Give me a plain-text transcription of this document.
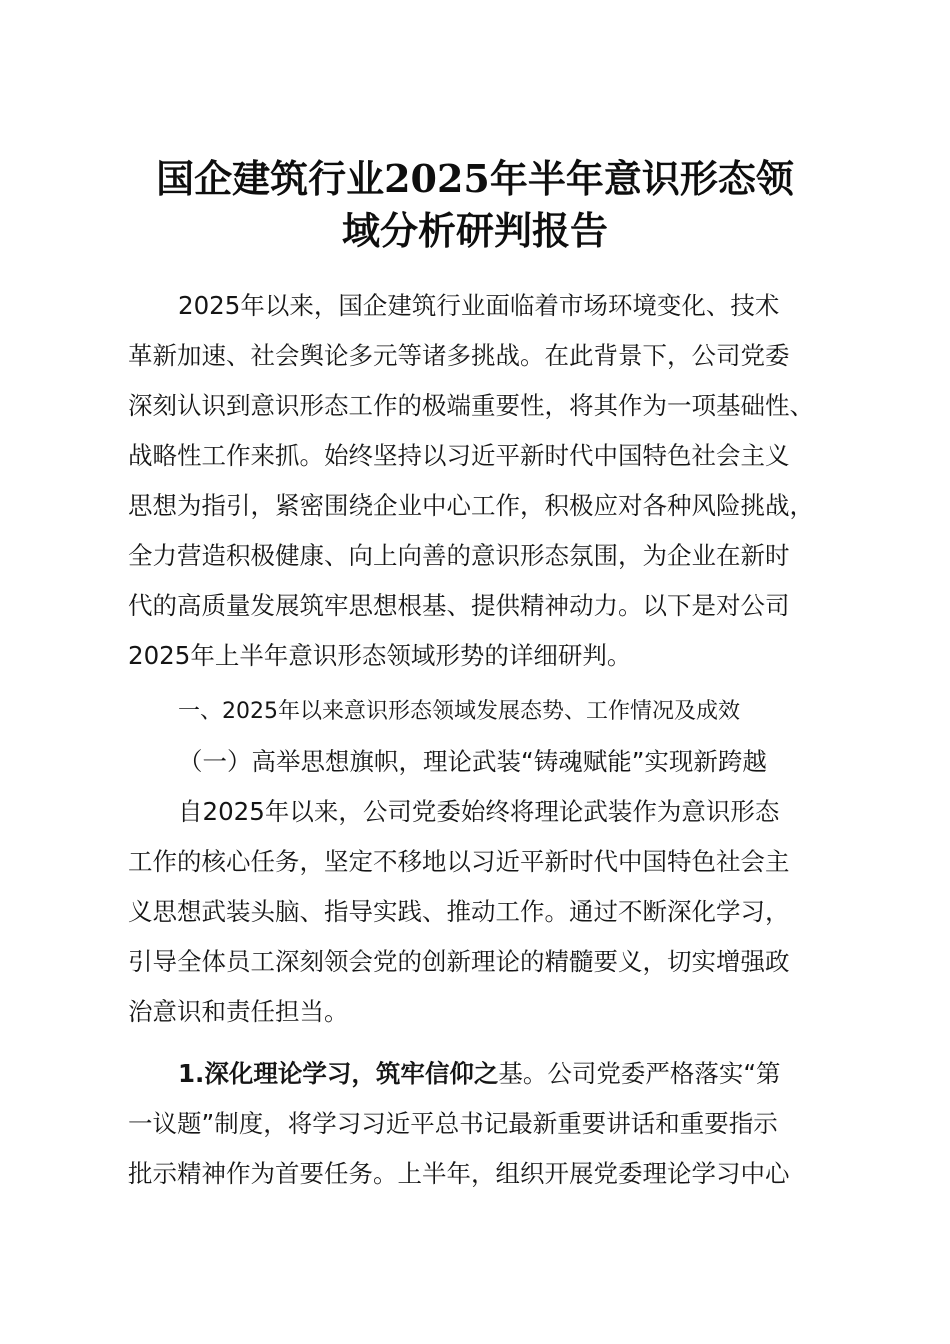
国企建筑行业2025年半年意识形态领
域分析研判报告
2025年以来，国企建筑行业面临着市场环境变化、技术
革新加速、社会舆论多元等诸多挑战。在此背景下，公司党委
深刻认识到意识形态工作的极端重要性，将其作为一项基础性、
战略性工作来抓。始终坚持以习近平新时代中国特色社会主义
思想为指引，紧密围绕企业中心工作，积极应对各种风险挑战，
全力营造积极健康、向上向善的意识形态氛围，为企业在新时
代的高质量发展筑牢思想根基、提供精神动力。以下是对公司
2025年上半年意识形态领域形势的详细研判。
一、2025年以来意识形态领域发展态势、工作情况及成效
（一）高举思想旗帜，理论武装“铸魂赋能”实现新跨越
自2025年以来，公司党委始终将理论武装作为意识形态
工作的核心任务，坚定不移地以习近平新时代中国特色社会主
义思想武装头脑、指导实践、推动工作。通过不断深化学习，
引导全体员工深刻领会党的创新理论的精髓要义，切实增强政
治意识和责任担当。
1.深化理论学习，筑牢信仰之基。公司党委严格落实“第
一议题”制度，将学习习近平总书记最新重要讲话和重要指示
批示精神作为首要任务。上半年，组织开展党委理论学习中心
